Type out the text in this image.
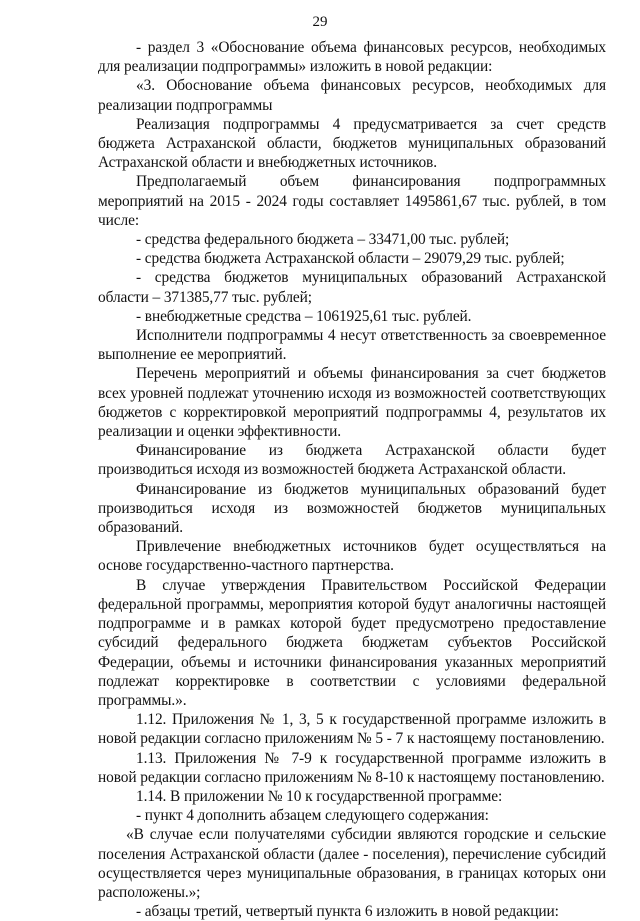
29

- раздел 3 «Обоснование объема финансовых ресурсов, необходимых для реализации подпрограммы» изложить в новой редакции:

«3. Обоснование объема финансовых ресурсов, необходимых для реализации подпрограммы

Реализация подпрограммы 4 предусматривается за счет средств бюджета Астраханской области, бюджетов муниципальных образований Астраханской области и внебюджетных источников.

Предполагаемый объем финансирования подпрограммных мероприятий на 2015 - 2024 годы составляет 1495861,67 тыс. рублей, в том числе:

- средства федерального бюджета – 33471,00 тыс. рублей;

- средства бюджета Астраханской области – 29079,29 тыс. рублей;

- средства бюджетов муниципальных образований Астраханской области – 371385,77 тыс. рублей;

- внебюджетные средства – 1061925,61 тыс. рублей.

Исполнители подпрограммы 4 несут ответственность за своевременное выполнение ее мероприятий.

Перечень мероприятий и объемы финансирования за счет бюджетов всех уровней подлежат уточнению исходя из возможностей соответствующих бюджетов с корректировкой мероприятий подпрограммы 4, результатов их реализации и оценки эффективности.

Финансирование из бюджета Астраханской области будет производиться исходя из возможностей бюджета Астраханской области.

Финансирование из бюджетов муниципальных образований будет производиться исходя из возможностей бюджетов муниципальных образований.

Привлечение внебюджетных источников будет осуществляться на основе государственно-частного партнерства.

В случае утверждения Правительством Российской Федерации федеральной программы, мероприятия которой будут аналогичны настоящей подпрограмме и в рамках которой будет предусмотрено предоставление субсидий федерального бюджета бюджетам субъектов Российской Федерации, объемы и источники финансирования указанных мероприятий подлежат корректировке в соответствии с условиями федеральной программы.».

1.12. Приложения № 1, 3, 5 к государственной программе изложить в новой редакции согласно приложениям № 5 - 7 к настоящему постановлению.

1.13. Приложения № 7-9 к государственной программе изложить в новой редакции согласно приложениям № 8-10 к настоящему постановлению.

1.14. В приложении № 10 к государственной программе:

- пункт 4 дополнить абзацем следующего содержания:

«В случае если получателями субсидии являются городские и сельские поселения Астраханской области (далее - поселения), перечисление субсидий осуществляется через муниципальные образования, в границах которых они расположены.»;

- абзацы третий, четвертый пункта 6 изложить в новой редакции:
